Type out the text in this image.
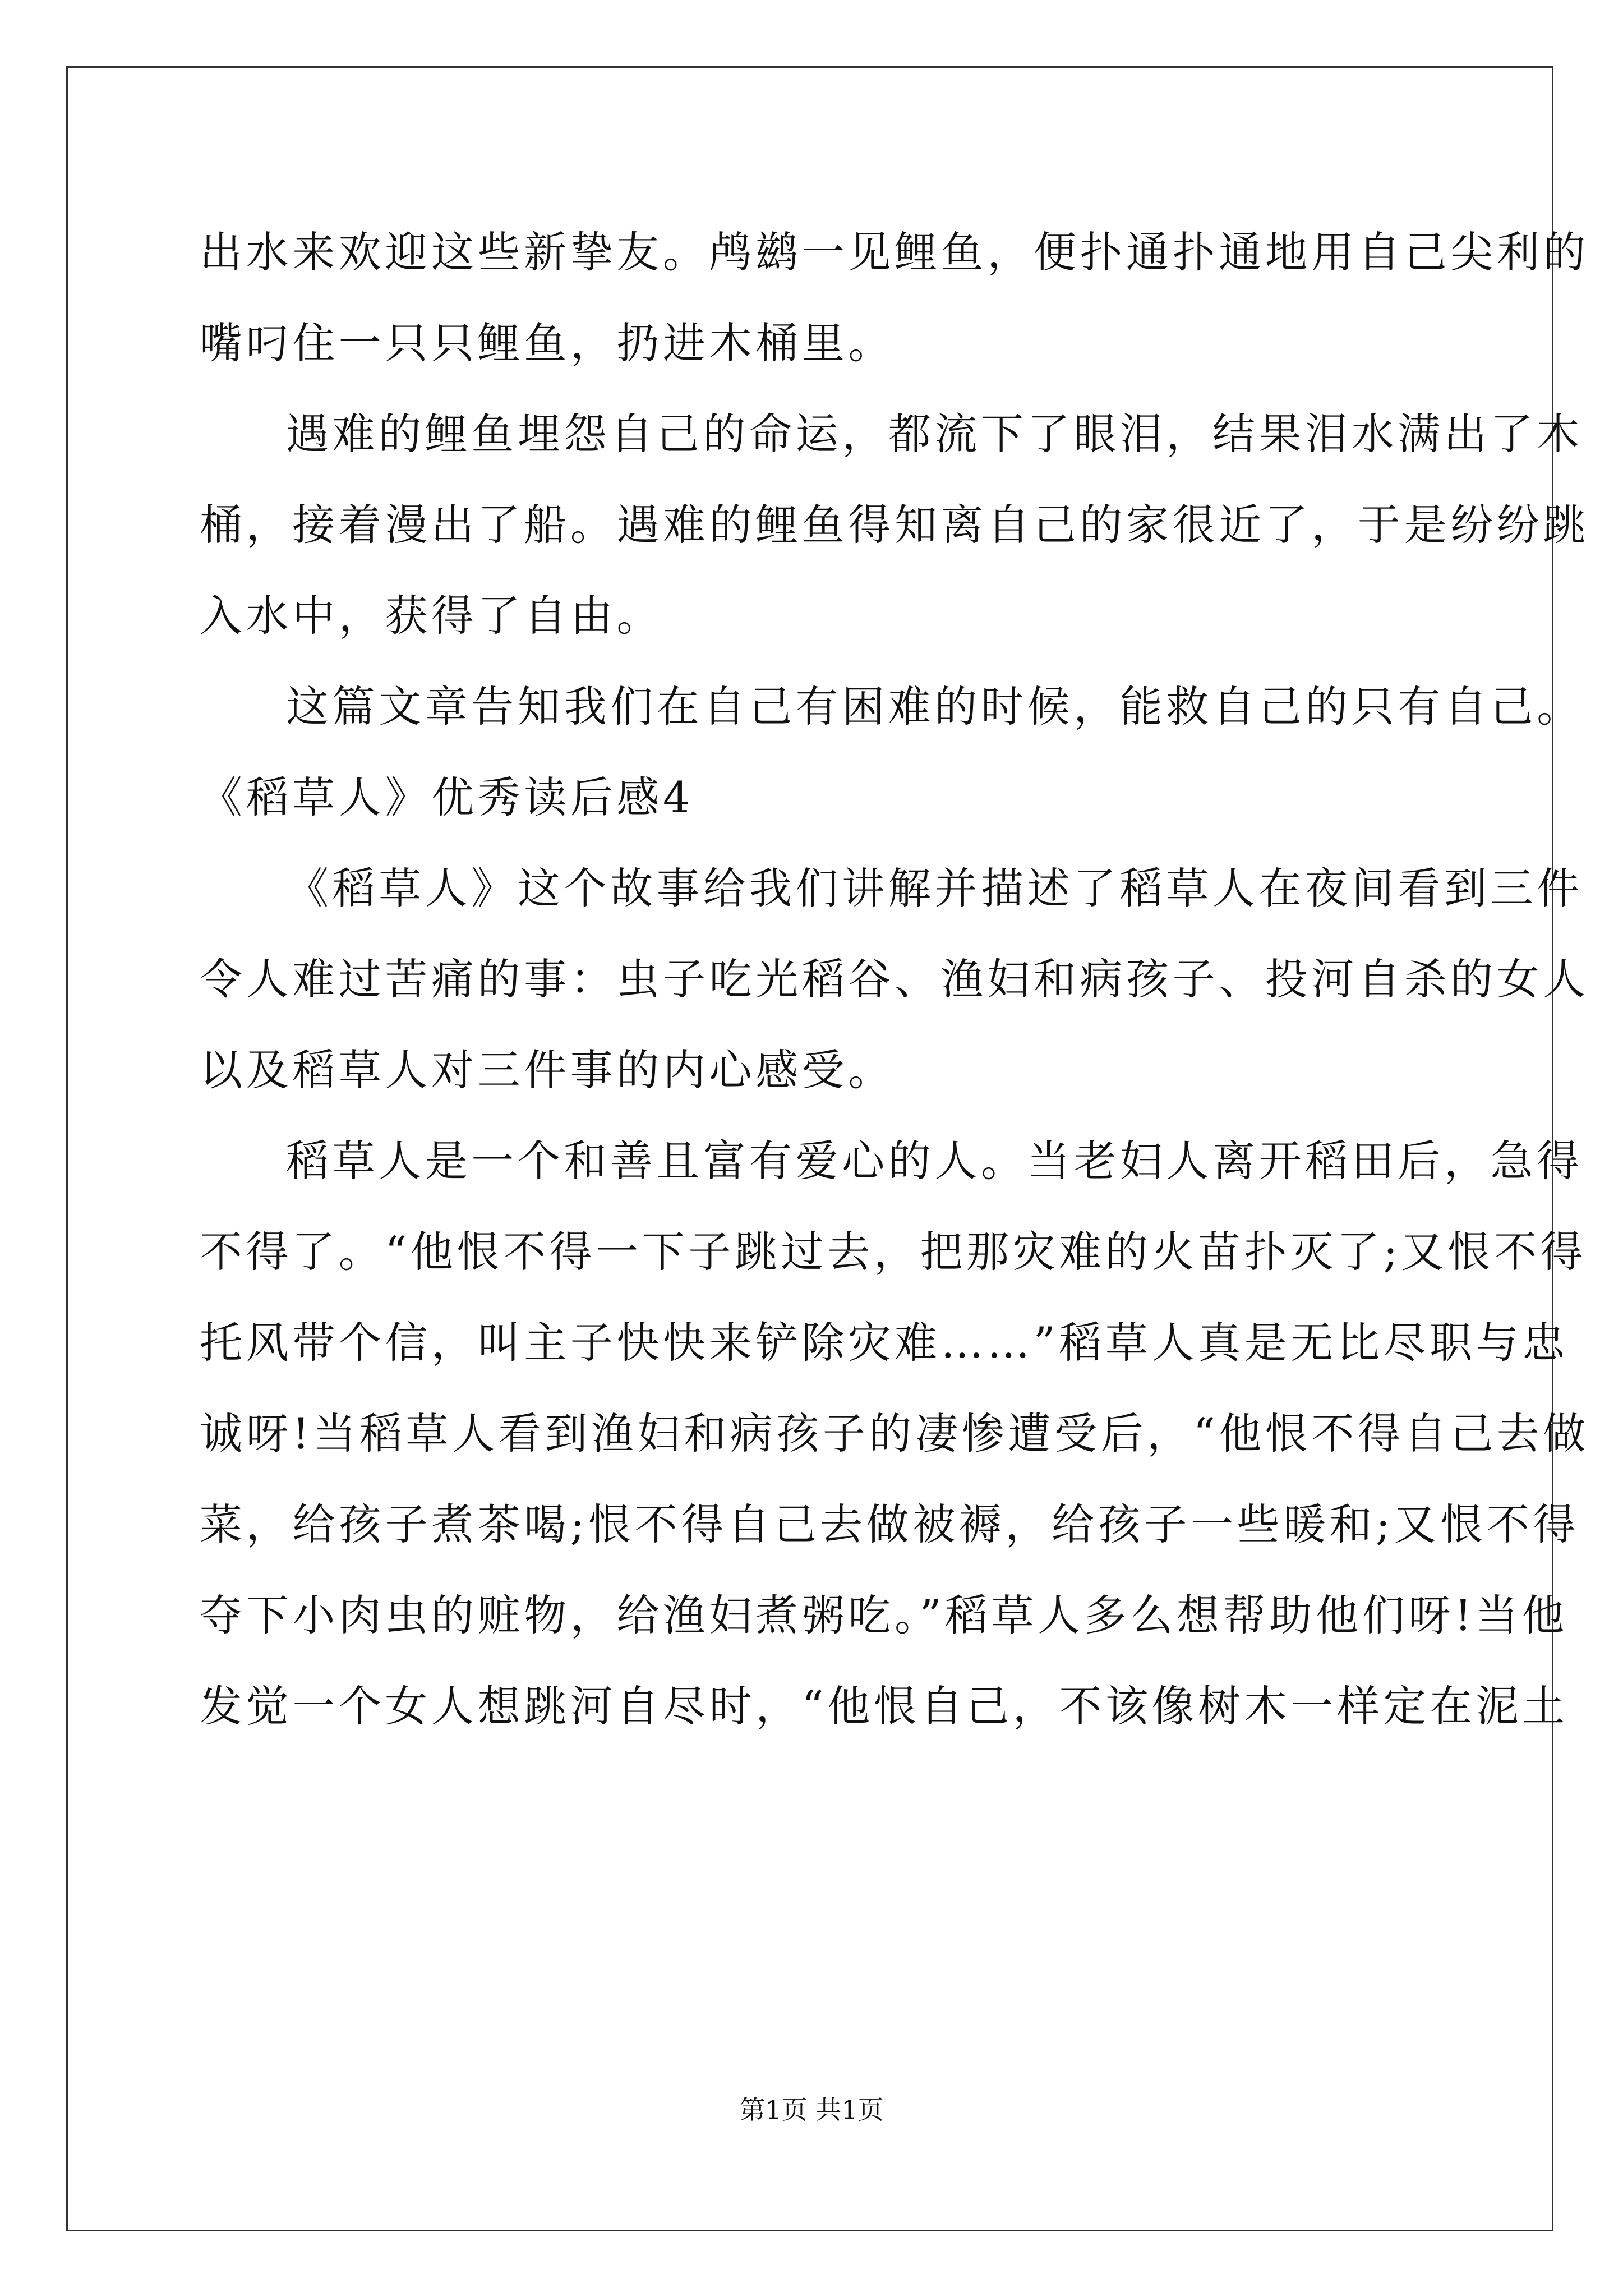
出水来欢迎这些新挚友。鸬鹚一见鲤鱼，便扑通扑通地用自己尖利的
嘴叼住一只只鲤鱼，扔进木桶里。
遇难的鲤鱼埋怨自己的命运，都流下了眼泪，结果泪水满出了木
桶，接着漫出了船。遇难的鲤鱼得知离自己的家很近了，于是纷纷跳
入水中，获得了自由。
这篇文章告知我们在自己有困难的时候，能救自己的只有自己。
《稻草人》优秀读后感4
《稻草人》这个故事给我们讲解并描述了稻草人在夜间看到三件
令人难过苦痛的事：虫子吃光稻谷、渔妇和病孩子、投河自杀的女人
以及稻草人对三件事的内心感受。
稻草人是一个和善且富有爱心的人。当老妇人离开稻田后，急得
不得了。“他恨不得一下子跳过去，把那灾难的火苗扑灭了;又恨不得
托风带个信，叫主子快快来铲除灾难……”稻草人真是无比尽职与忠
诚呀!当稻草人看到渔妇和病孩子的凄惨遭受后，“他恨不得自己去做
菜，给孩子煮茶喝;恨不得自己去做被褥，给孩子一些暖和;又恨不得
夺下小肉虫的赃物，给渔妇煮粥吃。”稻草人多么想帮助他们呀!当他
发觉一个女人想跳河自尽时，“他恨自己，不该像树木一样定在泥土
第1页 共1页
